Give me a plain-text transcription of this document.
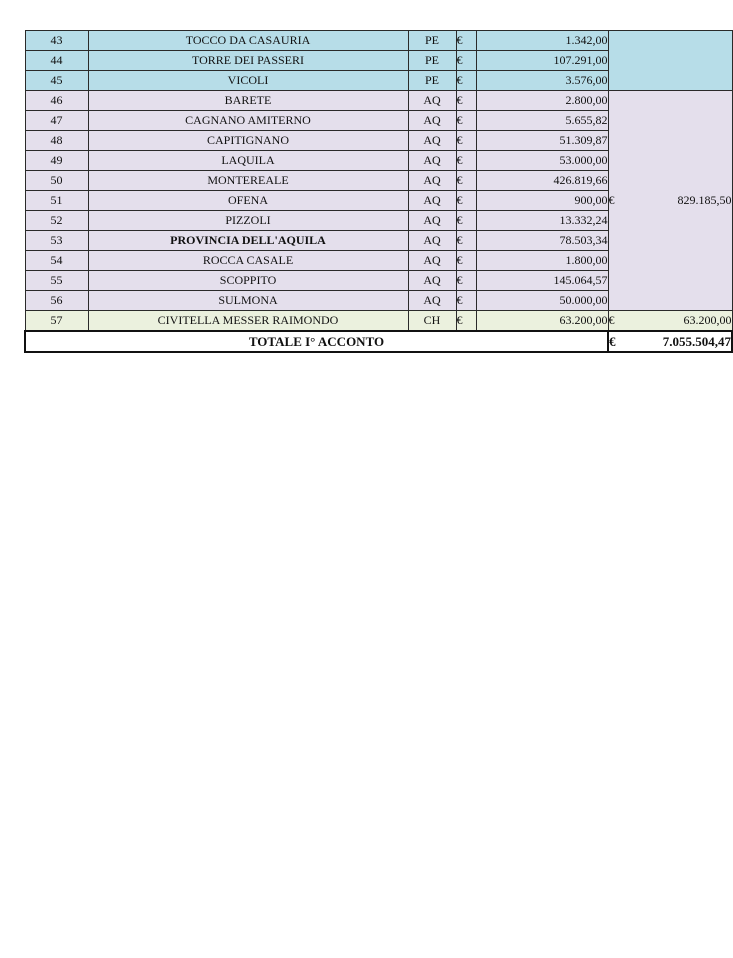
43	TOCCO DA CASAURIA	PE	€	1.342,00		
44	TORRE DEI PASSERI	PE	€	107.291,00		
45	VICOLI	PE	€	3.576,00		
46	BARETE	AQ	€	2.800,00	€	829.185,50
47	CAGNANO AMITERNO	AQ	€	5.655,82		
48	CAPITIGNANO	AQ	€	51.309,87		
49	LAQUILA	AQ	€	53.000,00		
50	MONTEREALE	AQ	€	426.819,66		
51	OFENA	AQ	€	900,00		
52	PIZZOLI	AQ	€	13.332,24		
53	PROVINCIA DELL'AQUILA	AQ	€	78.503,34		
54	ROCCA CASALE	AQ	€	1.800,00		
55	SCOPPITO	AQ	€	145.064,57		
56	SULMONA	AQ	€	50.000,00		
57	CIVITELLA MESSER RAIMONDO	CH	€	63.200,00	€	63.200,00
TOTALE I° ACCONTO					€	7.055.504,47
